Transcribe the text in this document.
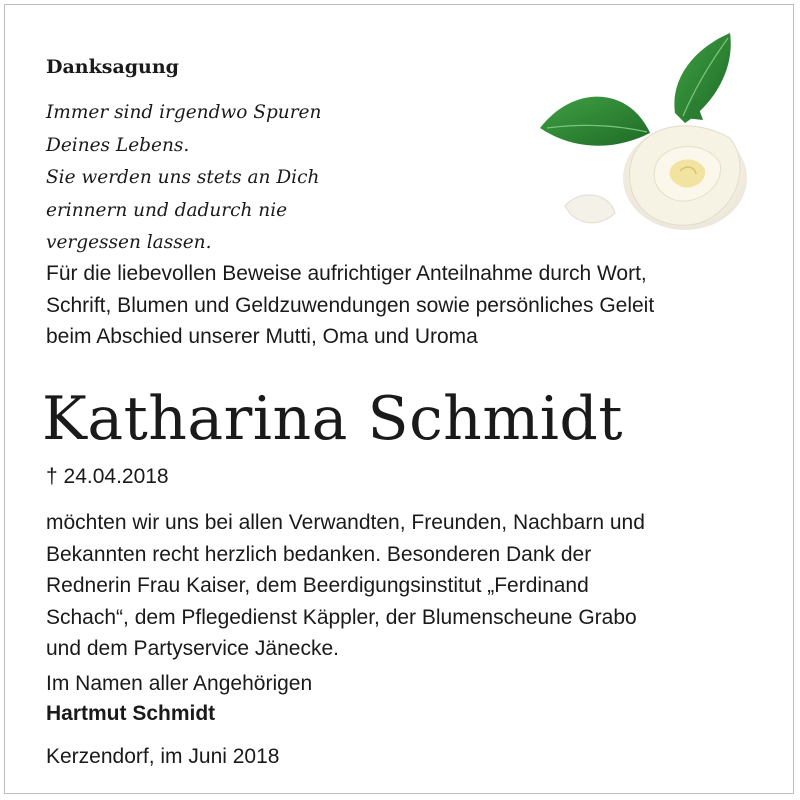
Danksagung
Immer sind irgendwo Spuren
Deines Lebens.
Sie werden uns stets an Dich
erinnern und dadurch nie
vergessen lassen.
Für die liebevollen Beweise aufrichtiger Anteilnahme durch Wort,
Schrift, Blumen und Geldzuwendungen sowie persönliches Geleit
beim Abschied unserer Mutti, Oma und Uroma
Katharina Schmidt
† 24.04.2018
möchten wir uns bei allen Verwandten, Freunden, Nachbarn und
Bekannten recht herzlich bedanken. Besonderen Dank der
Rednerin Frau Kaiser, dem Beerdigungsinstitut „Ferdinand
Schach“, dem Pflegedienst Käppler, der Blumenscheune Grabo
und dem Partyservice Jänecke.
Im Namen aller Angehörigen
Hartmut Schmidt
Kerzendorf, im Juni 2018
